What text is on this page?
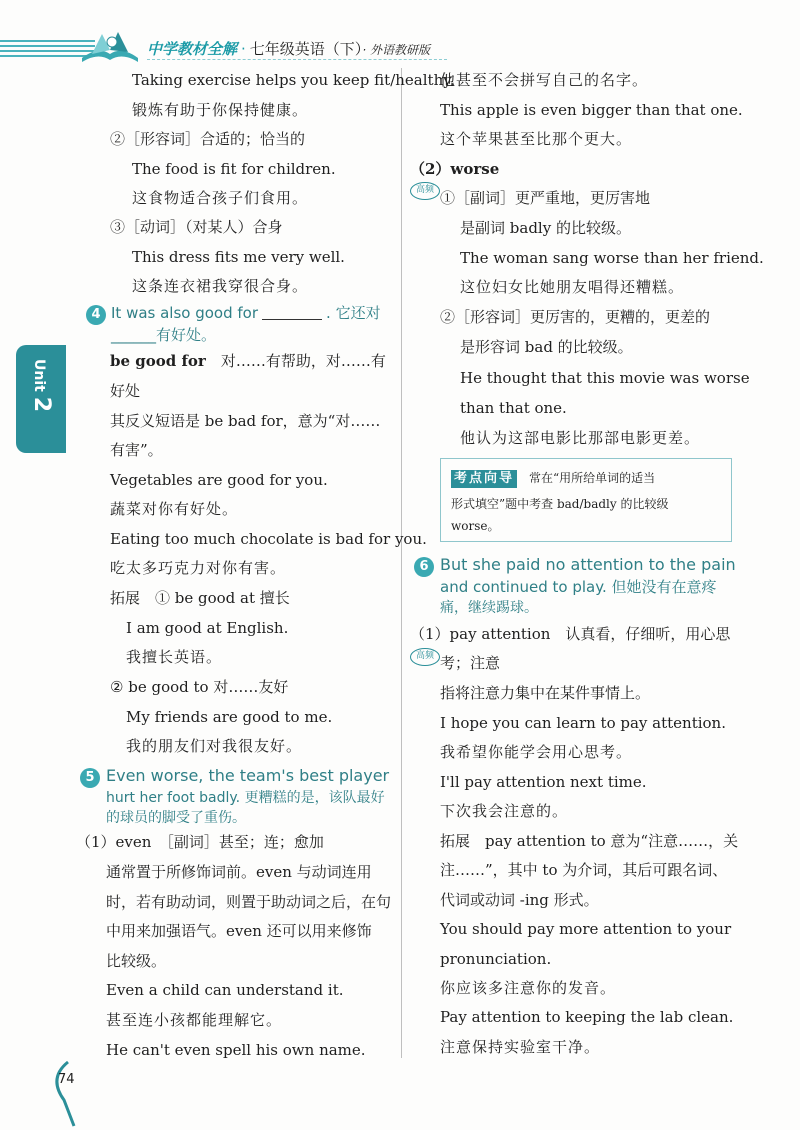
中学教材全解 · 七年级英语（下）· 外语教研版
Unit 2
Taking exercise helps you keep fit/healthy.
锻炼有助于你保持健康。
②［形容词］合适的；恰当的
The food is fit for children.
这食物适合孩子们食用。
③［动词］（对某人）合身
This dress fits me very well.
这条连衣裙我穿很合身。
4 It was also good for	. 它还对
______有好处。
be good for　对……有帮助，对……有
好处
其反义短语是 be bad for，意为“对……
有害”。
Vegetables are good for you.
蔬菜对你有好处。
Eating too much chocolate is bad for you.
吃太多巧克力对你有害。
拓展　① be good at 擅长
I am good at English.
我擅长英语。
② be good to 对……友好
My friends are good to me.
我的朋友们对我很友好。
5 Even worse, the team's best player
hurt her foot badly. 更糟糕的是，该队最好
的球员的脚受了重伤。
（1）even　［副词］甚至；连；愈加
通常置于所修饰词前。even 与动词连用
时，若有助动词，则置于助动词之后，在句
中用来加强语气。even 还可以用来修饰
比较级。
Even a child can understand it.
甚至连小孩都能理解它。
He can't even spell his own name.
他甚至不会拼写自己的名字。
This apple is even bigger than that one.
这个苹果甚至比那个更大。
（2）worse
高频 ①［副词］更严重地，更厉害地
是副词 badly 的比较级。
The woman sang worse than her friend.
这位妇女比她朋友唱得还糟糕。
②［形容词］更厉害的，更糟的，更差的
是形容词 bad 的比较级。
He thought that this movie was worse
than that one.
他认为这部电影比那部电影更差。
考点向导　 常在“用所给单词的适当
形式填空”题中考查 bad/badly 的比较级
worse。
6 But she paid no attention to the pain
and continued to play. 但她没有在意疼
痛，继续踢球。
（1）pay attention　认真看，仔细听，用心思
高频 考；注意
指将注意力集中在某件事情上。
I hope you can learn to pay attention.
我希望你能学会用心思考。
I'll pay attention next time.
下次我会注意的。
拓展　pay attention to 意为“注意……，关
注……”，其中 to 为介词，其后可跟名词、
代词或动词 -ing 形式。
You should pay more attention to your
pronunciation.
你应该多注意你的发音。
Pay attention to keeping the lab clean.
注意保持实验室干净。
74
